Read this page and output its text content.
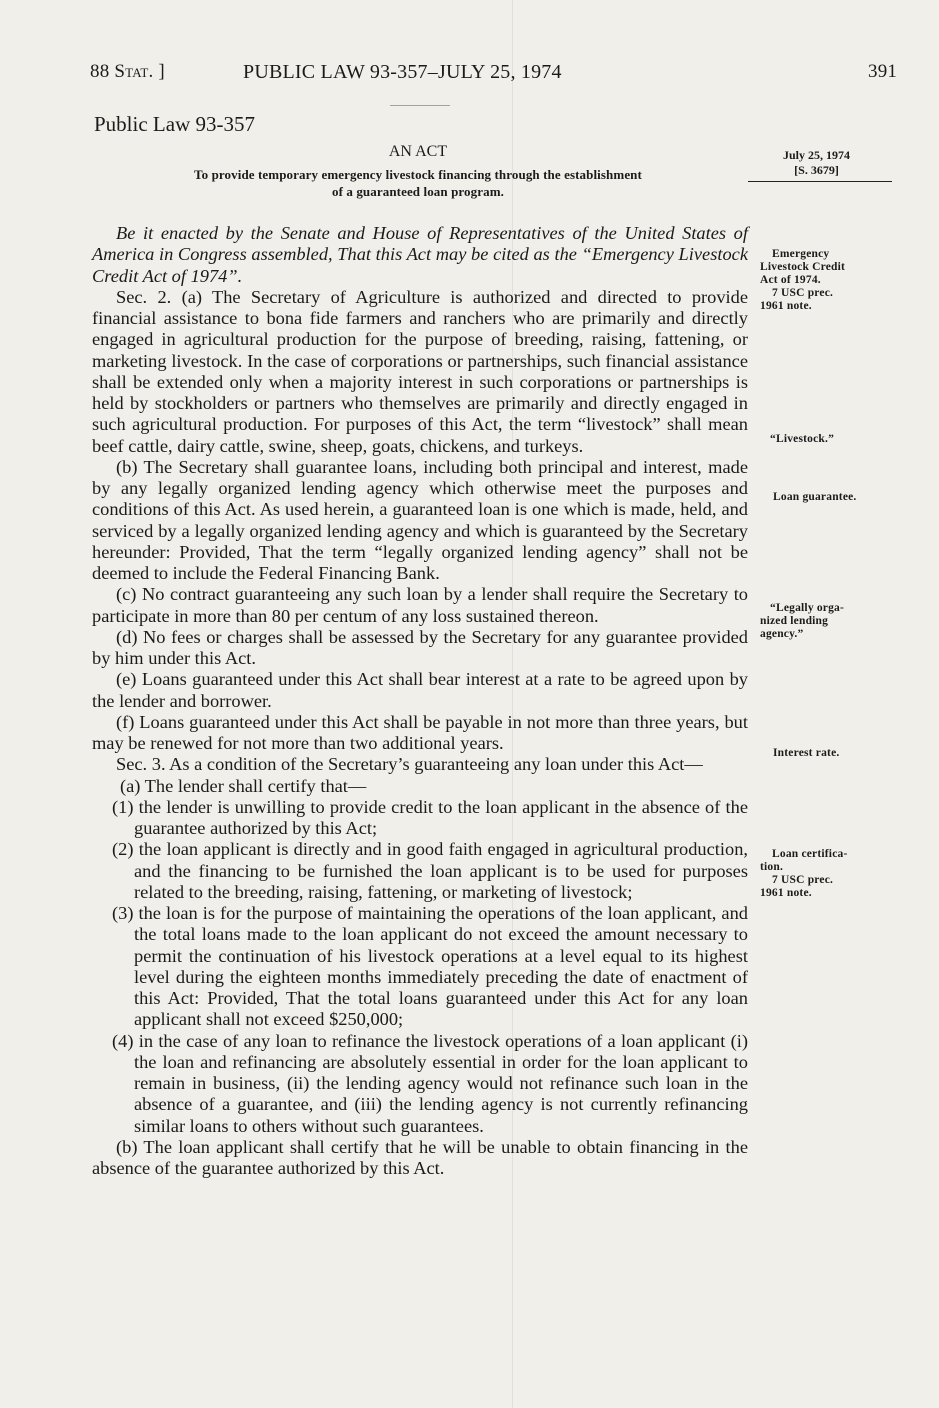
88 Stat. ]	PUBLIC LAW 93-357–JULY 25, 1974	391
Public Law 93-357
AN ACT
To provide temporary emergency livestock financing through the establishment
of a guaranteed loan program.
July 25, 1974
[S. 3679]

Be it enacted by the Senate and House of Representatives of the United States of America in Congress assembled, That this Act may be cited as the “Emergency Livestock Credit Act of 1974”.

Sec. 2. (a) The Secretary of Agriculture is authorized and directed to provide financial assistance to bona fide farmers and ranchers who are primarily and directly engaged in agricultural production for the purpose of breeding, raising, fattening, or marketing livestock. In the case of corporations or partnerships, such financial assistance shall be extended only when a majority interest in such corporations or partnerships is held by stockholders or partners who themselves are primarily and directly engaged in such agricultural production. For purposes of this Act, the term “livestock” shall mean beef cattle, dairy cattle, swine, sheep, goats, chickens, and turkeys.

(b) The Secretary shall guarantee loans, including both principal and interest, made by any legally organized lending agency which otherwise meet the purposes and conditions of this Act. As used herein, a guaranteed loan is one which is made, held, and serviced by a legally organized lending agency and which is guaranteed by the Secretary hereunder: Provided, That the term “legally organized lending agency” shall not be deemed to include the Federal Financing Bank.

(c) No contract guaranteeing any such loan by a lender shall require the Secretary to participate in more than 80 per centum of any loss sustained thereon.

(d) No fees or charges shall be assessed by the Secretary for any guarantee provided by him under this Act.

(e) Loans guaranteed under this Act shall bear interest at a rate to be agreed upon by the lender and borrower.

(f) Loans guaranteed under this Act shall be payable in not more than three years, but may be renewed for not more than two additional years.

Sec. 3. As a condition of the Secretary’s guaranteeing any loan under this Act—

(a) The lender shall certify that—

(1) the lender is unwilling to provide credit to the loan applicant in the absence of the guarantee authorized by this Act;

(2) the loan applicant is directly and in good faith engaged in agricultural production, and the financing to be furnished the loan applicant is to be used for purposes related to the breeding, raising, fattening, or marketing of livestock;

(3) the loan is for the purpose of maintaining the operations of the loan applicant, and the total loans made to the loan applicant do not exceed the amount necessary to permit the continuation of his livestock operations at a level equal to its highest level during the eighteen months immediately preceding the date of enactment of this Act: Provided, That the total loans guaranteed under this Act for any loan applicant shall not exceed $250,000;

(4) in the case of any loan to refinance the livestock operations of a loan applicant (i) the loan and refinancing are absolutely essential in order for the loan applicant to remain in business, (ii) the lending agency would not refinance such loan in the absence of a guarantee, and (iii) the lending agency is not currently refinancing similar loans to others without such guarantees.

(b) The loan applicant shall certify that he will be unable to obtain financing in the absence of the guarantee authorized by this Act.

Emergency
Livestock Credit
Act of 1974.
7 USC prec.
1961 note.
“Livestock.”
Loan guarantee.
“Legally orga-
nized lending
agency.”
Interest rate.
Loan certifica-
tion.
7 USC prec.
1961 note.
